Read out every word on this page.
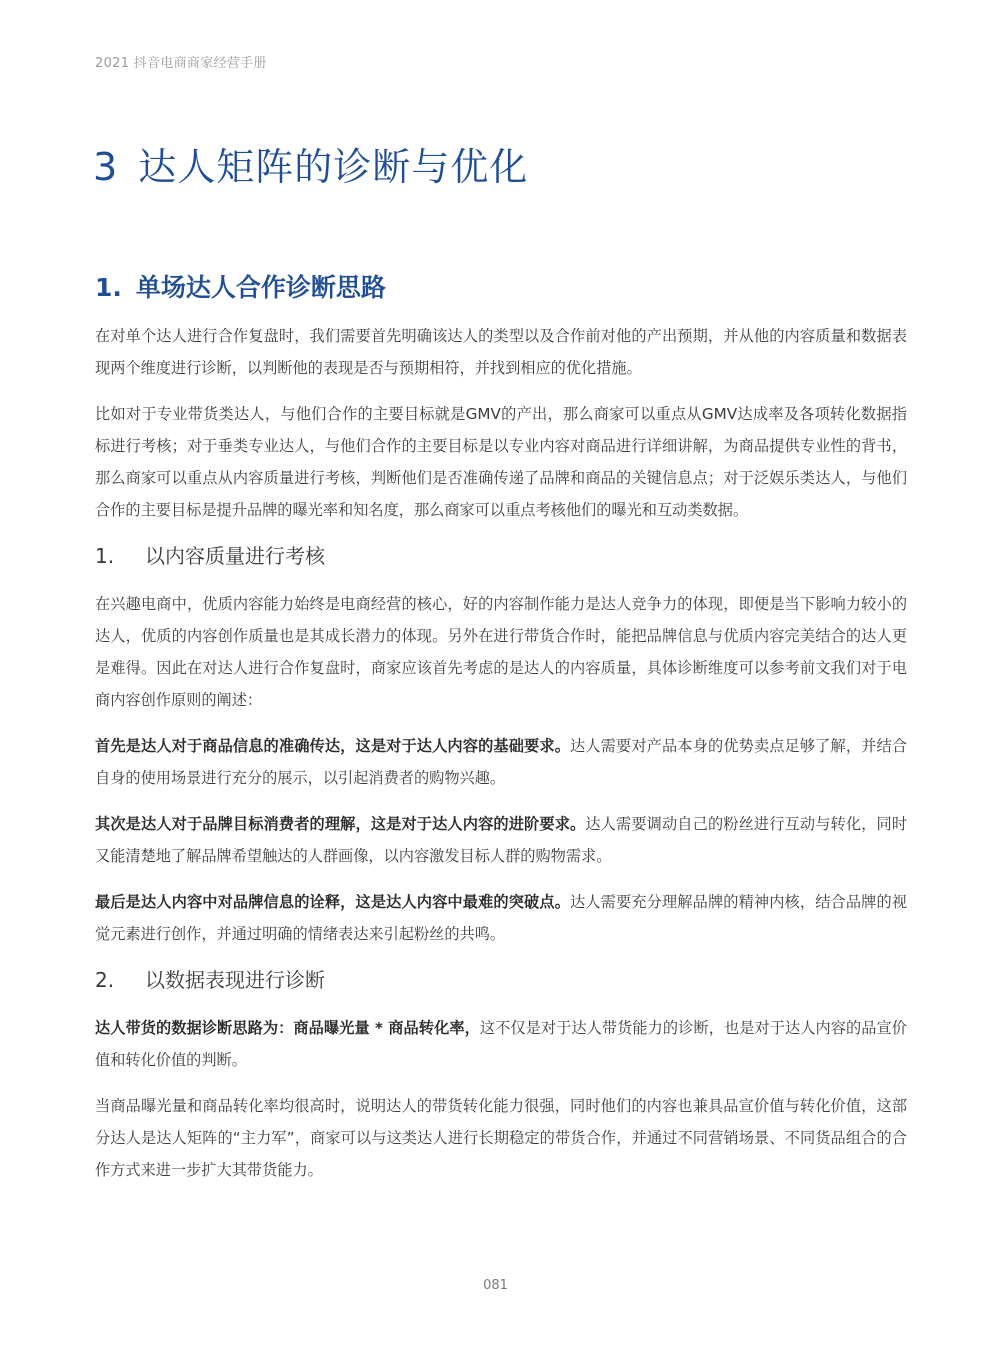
2021 抖音电商商家经营手册
3 达人矩阵的诊断与优化
1. 单场达人合作诊断思路

在对单个达人进行合作复盘时，我们需要首先明确该达人的类型以及合作前对他的产出预期，并从他的内容质量和数据表现两个维度进行诊断，以判断他的表现是否与预期相符，并找到相应的优化措施。

比如对于专业带货类达人，与他们合作的主要目标就是GMV的产出，那么商家可以重点从GMV达成率及各项转化数据指标进行考核；对于垂类专业达人，与他们合作的主要目标是以专业内容对商品进行详细讲解，为商品提供专业性的背书，那么商家可以重点从内容质量进行考核，判断他们是否准确传递了品牌和商品的关键信息点；对于泛娱乐类达人，与他们合作的主要目标是提升品牌的曝光率和知名度，那么商家可以重点考核他们的曝光和互动类数据。

1. 以内容质量进行考核

在兴趣电商中，优质内容能力始终是电商经营的核心，好的内容制作能力是达人竞争力的体现，即便是当下影响力较小的达人，优质的内容创作质量也是其成长潜力的体现。另外在进行带货合作时，能把品牌信息与优质内容完美结合的达人更是难得。因此在对达人进行合作复盘时，商家应该首先考虑的是达人的内容质量，具体诊断维度可以参考前文我们对于电商内容创作原则的阐述：

首先是达人对于商品信息的准确传达，这是对于达人内容的基础要求。达人需要对产品本身的优势卖点足够了解，并结合自身的使用场景进行充分的展示，以引起消费者的购物兴趣。

其次是达人对于品牌目标消费者的理解，这是对于达人内容的进阶要求。达人需要调动自己的粉丝进行互动与转化，同时又能清楚地了解品牌希望触达的人群画像，以内容激发目标人群的购物需求。

最后是达人内容中对品牌信息的诠释，这是达人内容中最难的突破点。达人需要充分理解品牌的精神内核，结合品牌的视觉元素进行创作，并通过明确的情绪表达来引起粉丝的共鸣。

2. 以数据表现进行诊断

达人带货的数据诊断思路为：商品曝光量 * 商品转化率，这不仅是对于达人带货能力的诊断，也是对于达人内容的品宣价值和转化价值的判断。

当商品曝光量和商品转化率均很高时，说明达人的带货转化能力很强，同时他们的内容也兼具品宣价值与转化价值，这部分达人是达人矩阵的“主力军”，商家可以与这类达人进行长期稳定的带货合作，并通过不同营销场景、不同货品组合的合作方式来进一步扩大其带货能力。

081
